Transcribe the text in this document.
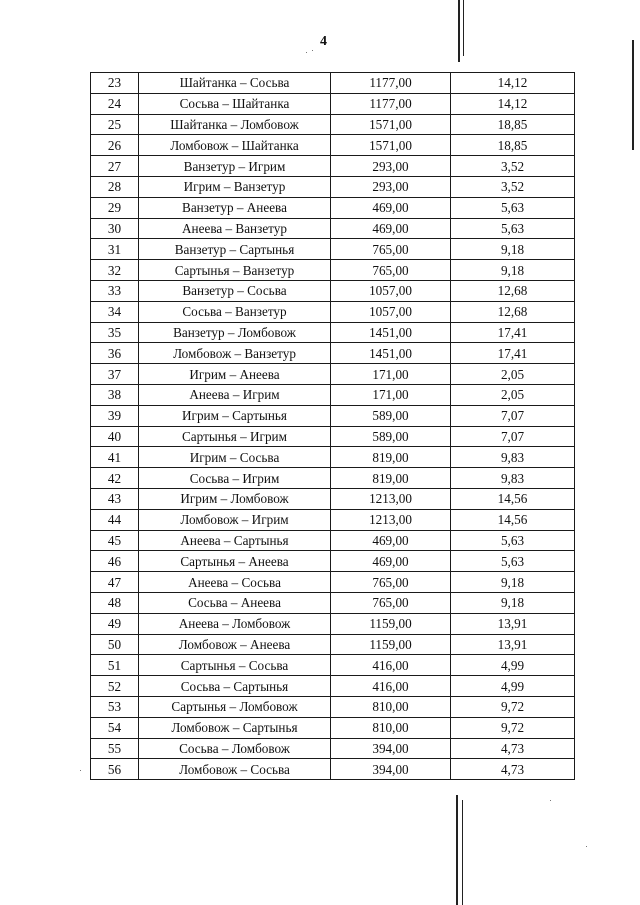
4
23	Шайтанка – Сосьва	1177,00	14,12
24	Сосьва – Шайтанка	1177,00	14,12
25	Шайтанка – Ломбовож	1571,00	18,85
26	Ломбовож – Шайтанка	1571,00	18,85
27	Ванзетур – Игрим	293,00	3,52
28	Игрим – Ванзетур	293,00	3,52
29	Ванзетур – Анеева	469,00	5,63
30	Анеева – Ванзетур	469,00	5,63
31	Ванзетур – Сартынья	765,00	9,18
32	Сартынья – Ванзетур	765,00	9,18
33	Ванзетур – Сосьва	1057,00	12,68
34	Сосьва – Ванзетур	1057,00	12,68
35	Ванзетур – Ломбовож	1451,00	17,41
36	Ломбовож – Ванзетур	1451,00	17,41
37	Игрим – Анеева	171,00	2,05
38	Анеева – Игрим	171,00	2,05
39	Игрим – Сартынья	589,00	7,07
40	Сартынья – Игрим	589,00	7,07
41	Игрим – Сосьва	819,00	9,83
42	Сосьва – Игрим	819,00	9,83
43	Игрим – Ломбовож	1213,00	14,56
44	Ломбовож – Игрим	1213,00	14,56
45	Анеева – Сартынья	469,00	5,63
46	Сартынья – Анеева	469,00	5,63
47	Анеева – Сосьва	765,00	9,18
48	Сосьва – Анеева	765,00	9,18
49	Анеева – Ломбовож	1159,00	13,91
50	Ломбовож – Анеева	1159,00	13,91
51	Сартынья – Сосьва	416,00	4,99
52	Сосьва – Сартынья	416,00	4,99
53	Сартынья – Ломбовож	810,00	9,72
54	Ломбовож – Сартынья	810,00	9,72
55	Сосьва – Ломбовож	394,00	4,73
56	Ломбовож – Сосьва	394,00	4,73
